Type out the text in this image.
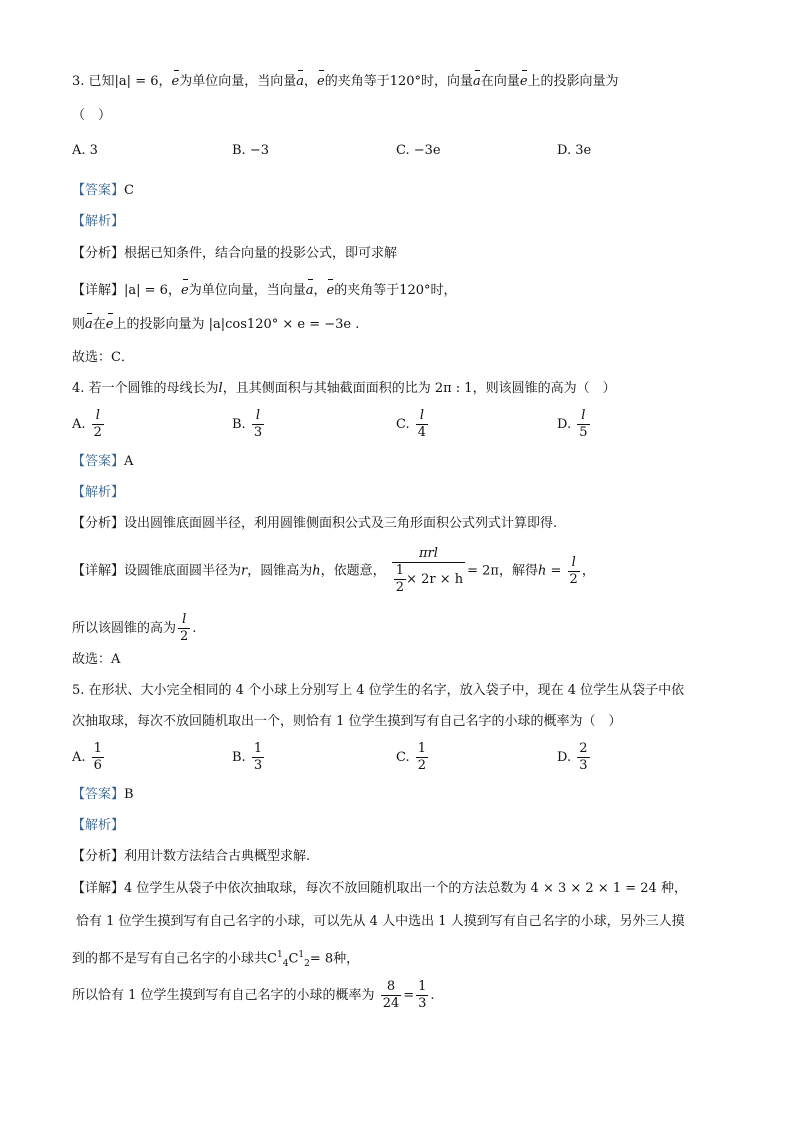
3. 已知|a| = 6，e为单位向量，当向量a，e的夹角等于120°时，向量a在向量e上的投影向量为
（　）
A. 3	B. −3	C. −3e	D. 3e
【答案】C
【解析】
【分析】根据已知条件，结合向量的投影公式，即可求解
【详解】|a| = 6，e为单位向量，当向量a，e的夹角等于120°时，
则a在e上的投影向量为 |a|cos120° × e = −3e .
故选：C．
4. 若一个圆锥的母线长为l，且其侧面积与其轴截面面积的比为 2π : 1，则该圆锥的高为（　）
A. $\frac{l}{2}$	B. $\frac{l}{3}$	C. $\frac{l}{4}$	D. $\frac{l}{5}$
【答案】A
【解析】
【分析】设出圆锥底面圆半径，利用圆锥侧面积公式及三角形面积公式列式计算即得.
【详解】设圆锥底面圆半径为r，圆锥高为h，依题意， $\frac{\text{πrl}}{\frac{1}{2} \times 2r \times h} = 2\pi$，解得$h = \frac{l}{2}$ ，
所以该圆锥的高为 $\frac{l}{2}$ .
故选：A
5. 在形状、大小完全相同的 4 个小球上分别写上 4 位学生的名字，放入袋子中，现在 4 位学生从袋子中依
次抽取球，每次不放回随机取出一个，则恰有 1 位学生摸到写有自己名字的小球的概率为（　）
A. $\frac{1}{6}$	B. $\frac{1}{3}$	C. $\frac{1}{2}$	D. $\frac{2}{3}$
【答案】B
【解析】
【分析】利用计数方法结合古典概型求解.
【详解】4 位学生从袋子中依次抽取球，每次不放回随机取出一个的方法总数为 4 × 3 × 2 × 1 = 24 种，
恰有 1 位学生摸到写有自己名字的小球，可以先从 4 人中选出 1 人摸到写有自己名字的小球，另外三人摸
到的都不是写有自己名字的小球共$C^1_4C^1_2= 8$种，
所以恰有 1 位学生摸到写有自己名字的小球的概率为 $\frac{8}{24} = \frac{1}{3}$ .
